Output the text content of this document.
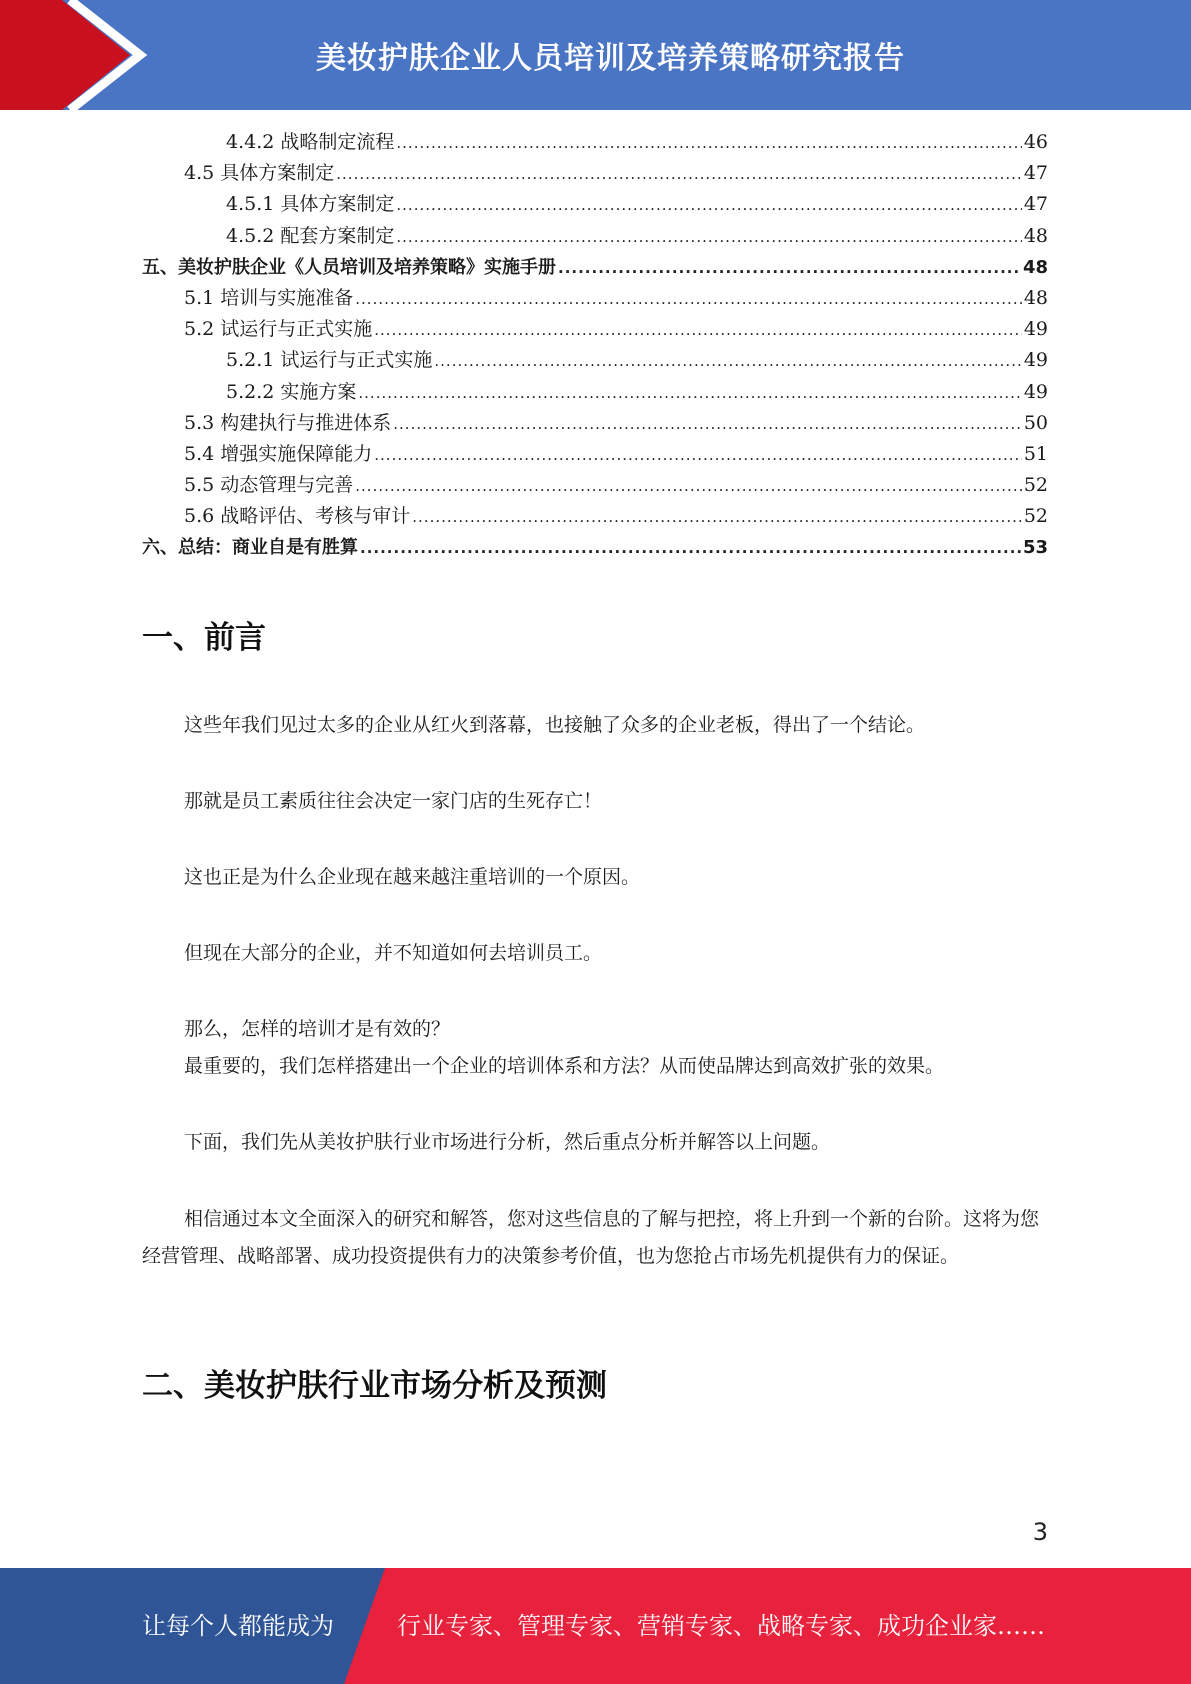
美妆护肤企业人员培训及培养策略研究报告
4.4.2 战略制定流程 .....	46
4.5 具体方案制定 .....	47
4.5.1 具体方案制定 .....	47
4.5.2 配套方案制定 .....	48
五、美妆护肤企业《人员培训及培养策略》实施手册 .....	48
5.1 培训与实施准备 .....	48
5.2 试运行与正式实施 .....	49
5.2.1 试运行与正式实施 .....	49
5.2.2 实施方案 .....	49
5.3 构建执行与推进体系 .....	50
5.4 增强实施保障能力 .....	51
5.5 动态管理与完善 .....	52
5.6 战略评估、考核与审计 .....	52
六、总结：商业自是有胜算 .....	53
一、前言
这些年我们见过太多的企业从红火到落幕，也接触了众多的企业老板，得出了一个结论。
那就是员工素质往往会决定一家门店的生死存亡！
这也正是为什么企业现在越来越注重培训的一个原因。
但现在大部分的企业，并不知道如何去培训员工。
那么，怎样的培训才是有效的？
最重要的，我们怎样搭建出一个企业的培训体系和方法？从而使品牌达到高效扩张的效果。
下面，我们先从美妆护肤行业市场进行分析，然后重点分析并解答以上问题。
相信通过本文全面深入的研究和解答，您对这些信息的了解与把控，将上升到一个新的台阶。这将为您经营管理、战略部署、成功投资提供有力的决策参考价值，也为您抢占市场先机提供有力的保证。
二、美妆护肤行业市场分析及预测
3
让每个人都能成为	行业专家、管理专家、营销专家、战略专家、成功企业家……
